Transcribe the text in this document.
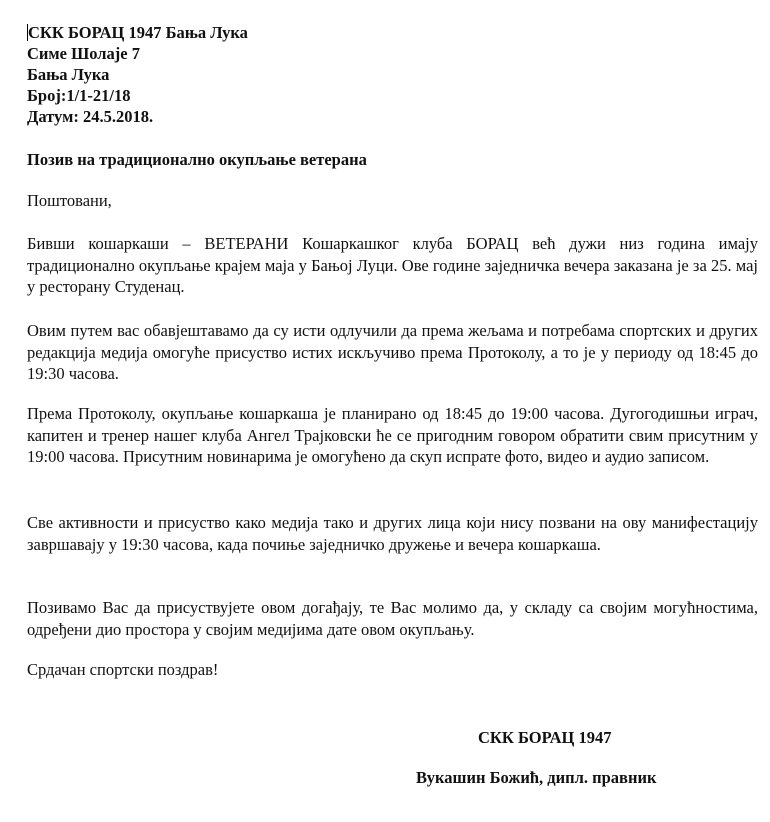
СКК БОРАЦ 1947 Бања Лука
Симе Шолаје 7
Бања Лука
Број:1/1-21/18
Датум: 24.5.2018.
Позив на традиционално окупљање ветерана
Поштовани,
Бивши кошаркаши – ВЕТЕРАНИ Кошаркашког клуба БОРАЦ већ дужи низ година имају традиционално окупљање крајем маја у Бањој Луци. Ове године заједничка вечера заказана је за 25. мај у ресторану Студенац.
Овим путем вас обавјештавамо да су исти одлучили да према жељама и потребама спортских и других редакција медија омогуће присуство истих искључиво према Протоколу, а то је у периоду од 18:45 до 19:30 часова.
Према Протоколу, окупљање кошаркаша је планирано од 18:45 до 19:00 часова. Дугогодишњи играч, капитен и тренер нашег клуба Ангел Трајковски ће се пригодним говором обратити свим присутним у 19:00 часова. Присутним новинарима је омогућено да скуп испрате фото, видео и аудио записом.
Све активности и присуство како медија тако и других лица који нису позвани на ову манифестацију завршавају у 19:30 часова, када почиње заједничко дружење и вечера кошаркаша.
Позивамо Вас да присуствујете овом догађају, те Вас молимо да, у складу са својим могућностима, одређени дио простора у својим медијима дате овом окупљању.
Срдачан спортски поздрав!
СКК БОРАЦ 1947
Вукашин Божић, дипл. правник
